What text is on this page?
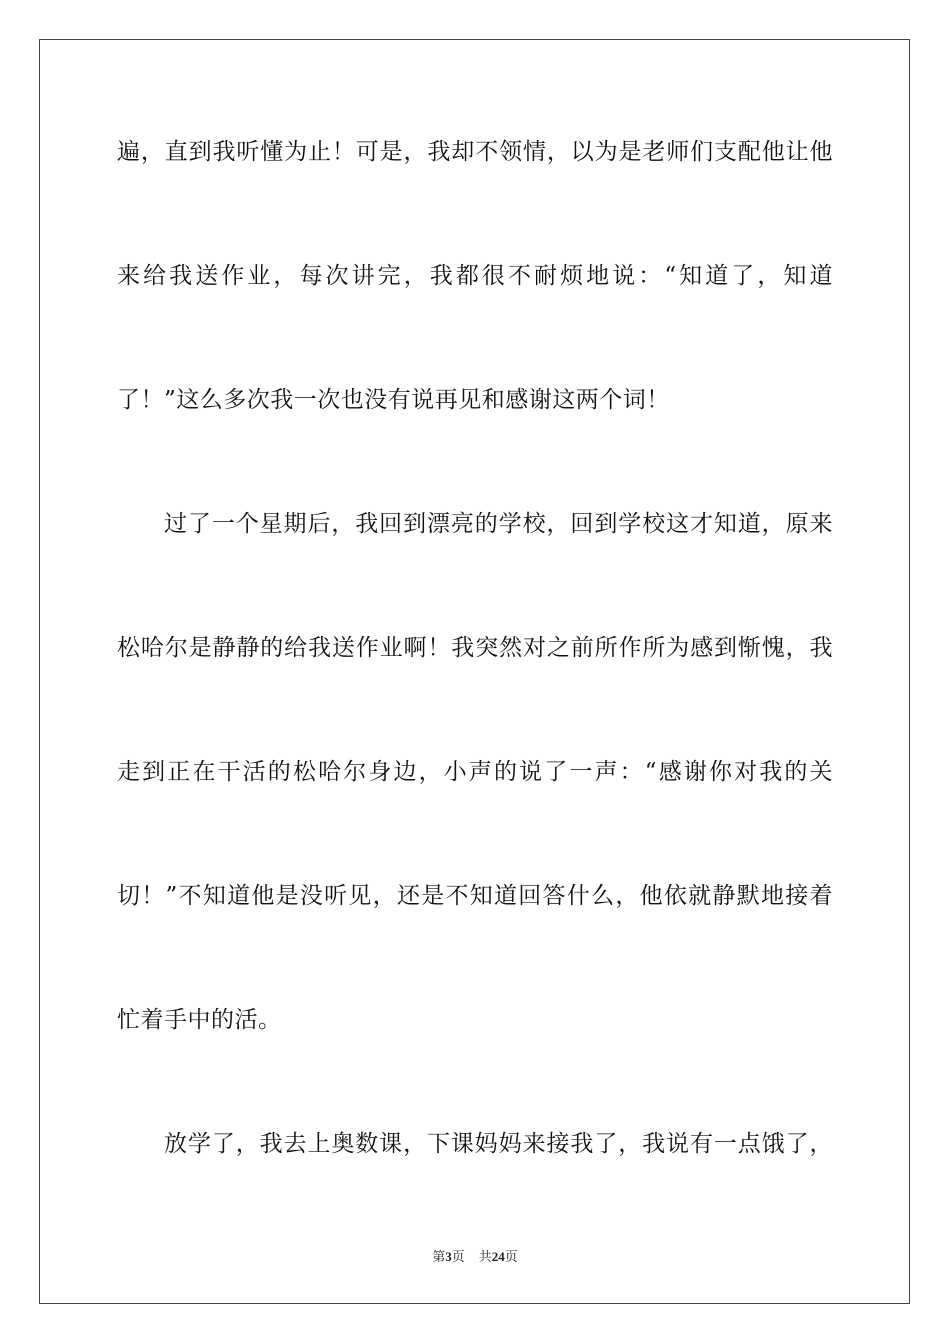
遍，直到我听懂为止！可是，我却不领情，以为是老师们支配他让他
来给我送作业，每次讲完，我都很不耐烦地说：“知道了，知道
了！”这么多次我一次也没有说再见和感谢这两个词！
过了一个星期后，我回到漂亮的学校，回到学校这才知道，原来
松哈尔是静静的给我送作业啊！我突然对之前所作所为感到惭愧，我
走到正在干活的松哈尔身边，小声的说了一声：“感谢你对我的关
切！”不知道他是没听见，还是不知道回答什么，他依就静默地接着
忙着手中的活。
放学了，我去上奥数课，下课妈妈来接我了，我说有一点饿了，
第3页 共24页
